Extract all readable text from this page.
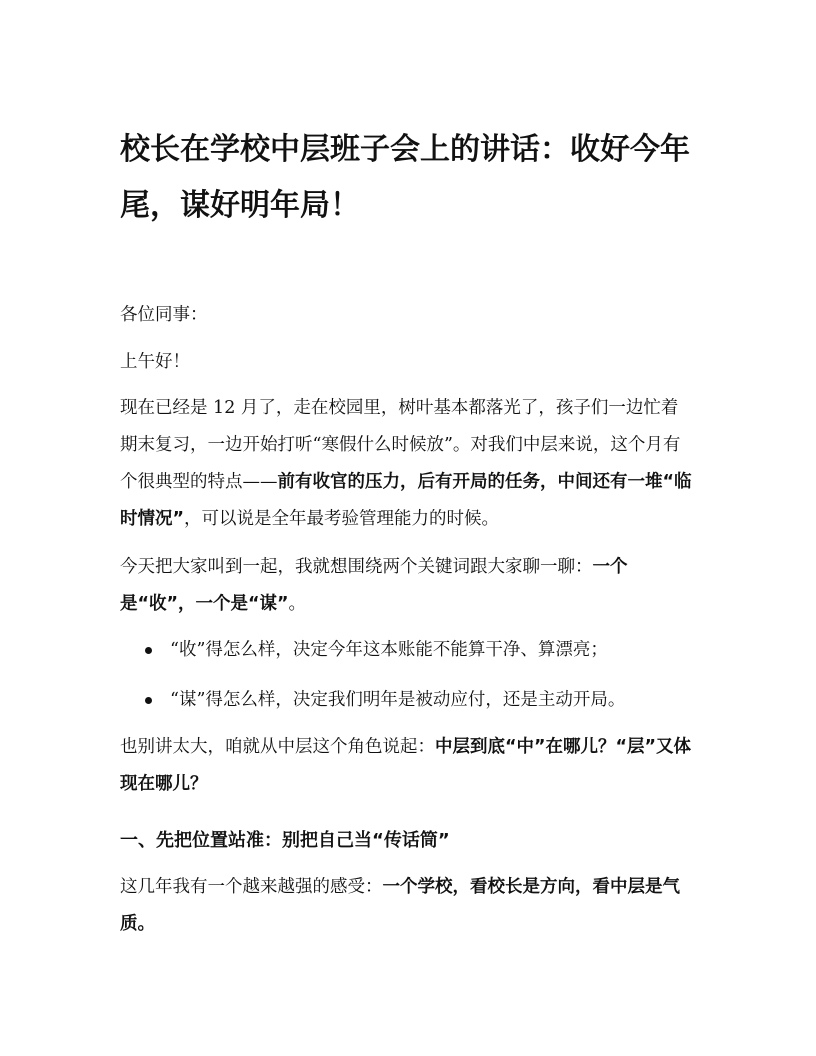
校长在学校中层班子会上的讲话：收好今年尾，谋好明年局！
各位同事：
上午好！
现在已经是 12 月了，走在校园里，树叶基本都落光了，孩子们一边忙着期末复习，一边开始打听“寒假什么时候放”。对我们中层来说，这个月有个很典型的特点——前有收官的压力，后有开局的任务，中间还有一堆“临时情况”，可以说是全年最考验管理能力的时候。
今天把大家叫到一起，我就想围绕两个关键词跟大家聊一聊：一个是“收”，一个是“谋”。
“收”得怎么样，决定今年这本账能不能算干净、算漂亮；
“谋”得怎么样，决定我们明年是被动应付，还是主动开局。
也别讲太大，咱就从中层这个角色说起：中层到底“中”在哪儿？“层”又体现在哪儿？
一、先把位置站准：别把自己当“传话筒”
这几年我有一个越来越强的感受：一个学校，看校长是方向，看中层是气质。
